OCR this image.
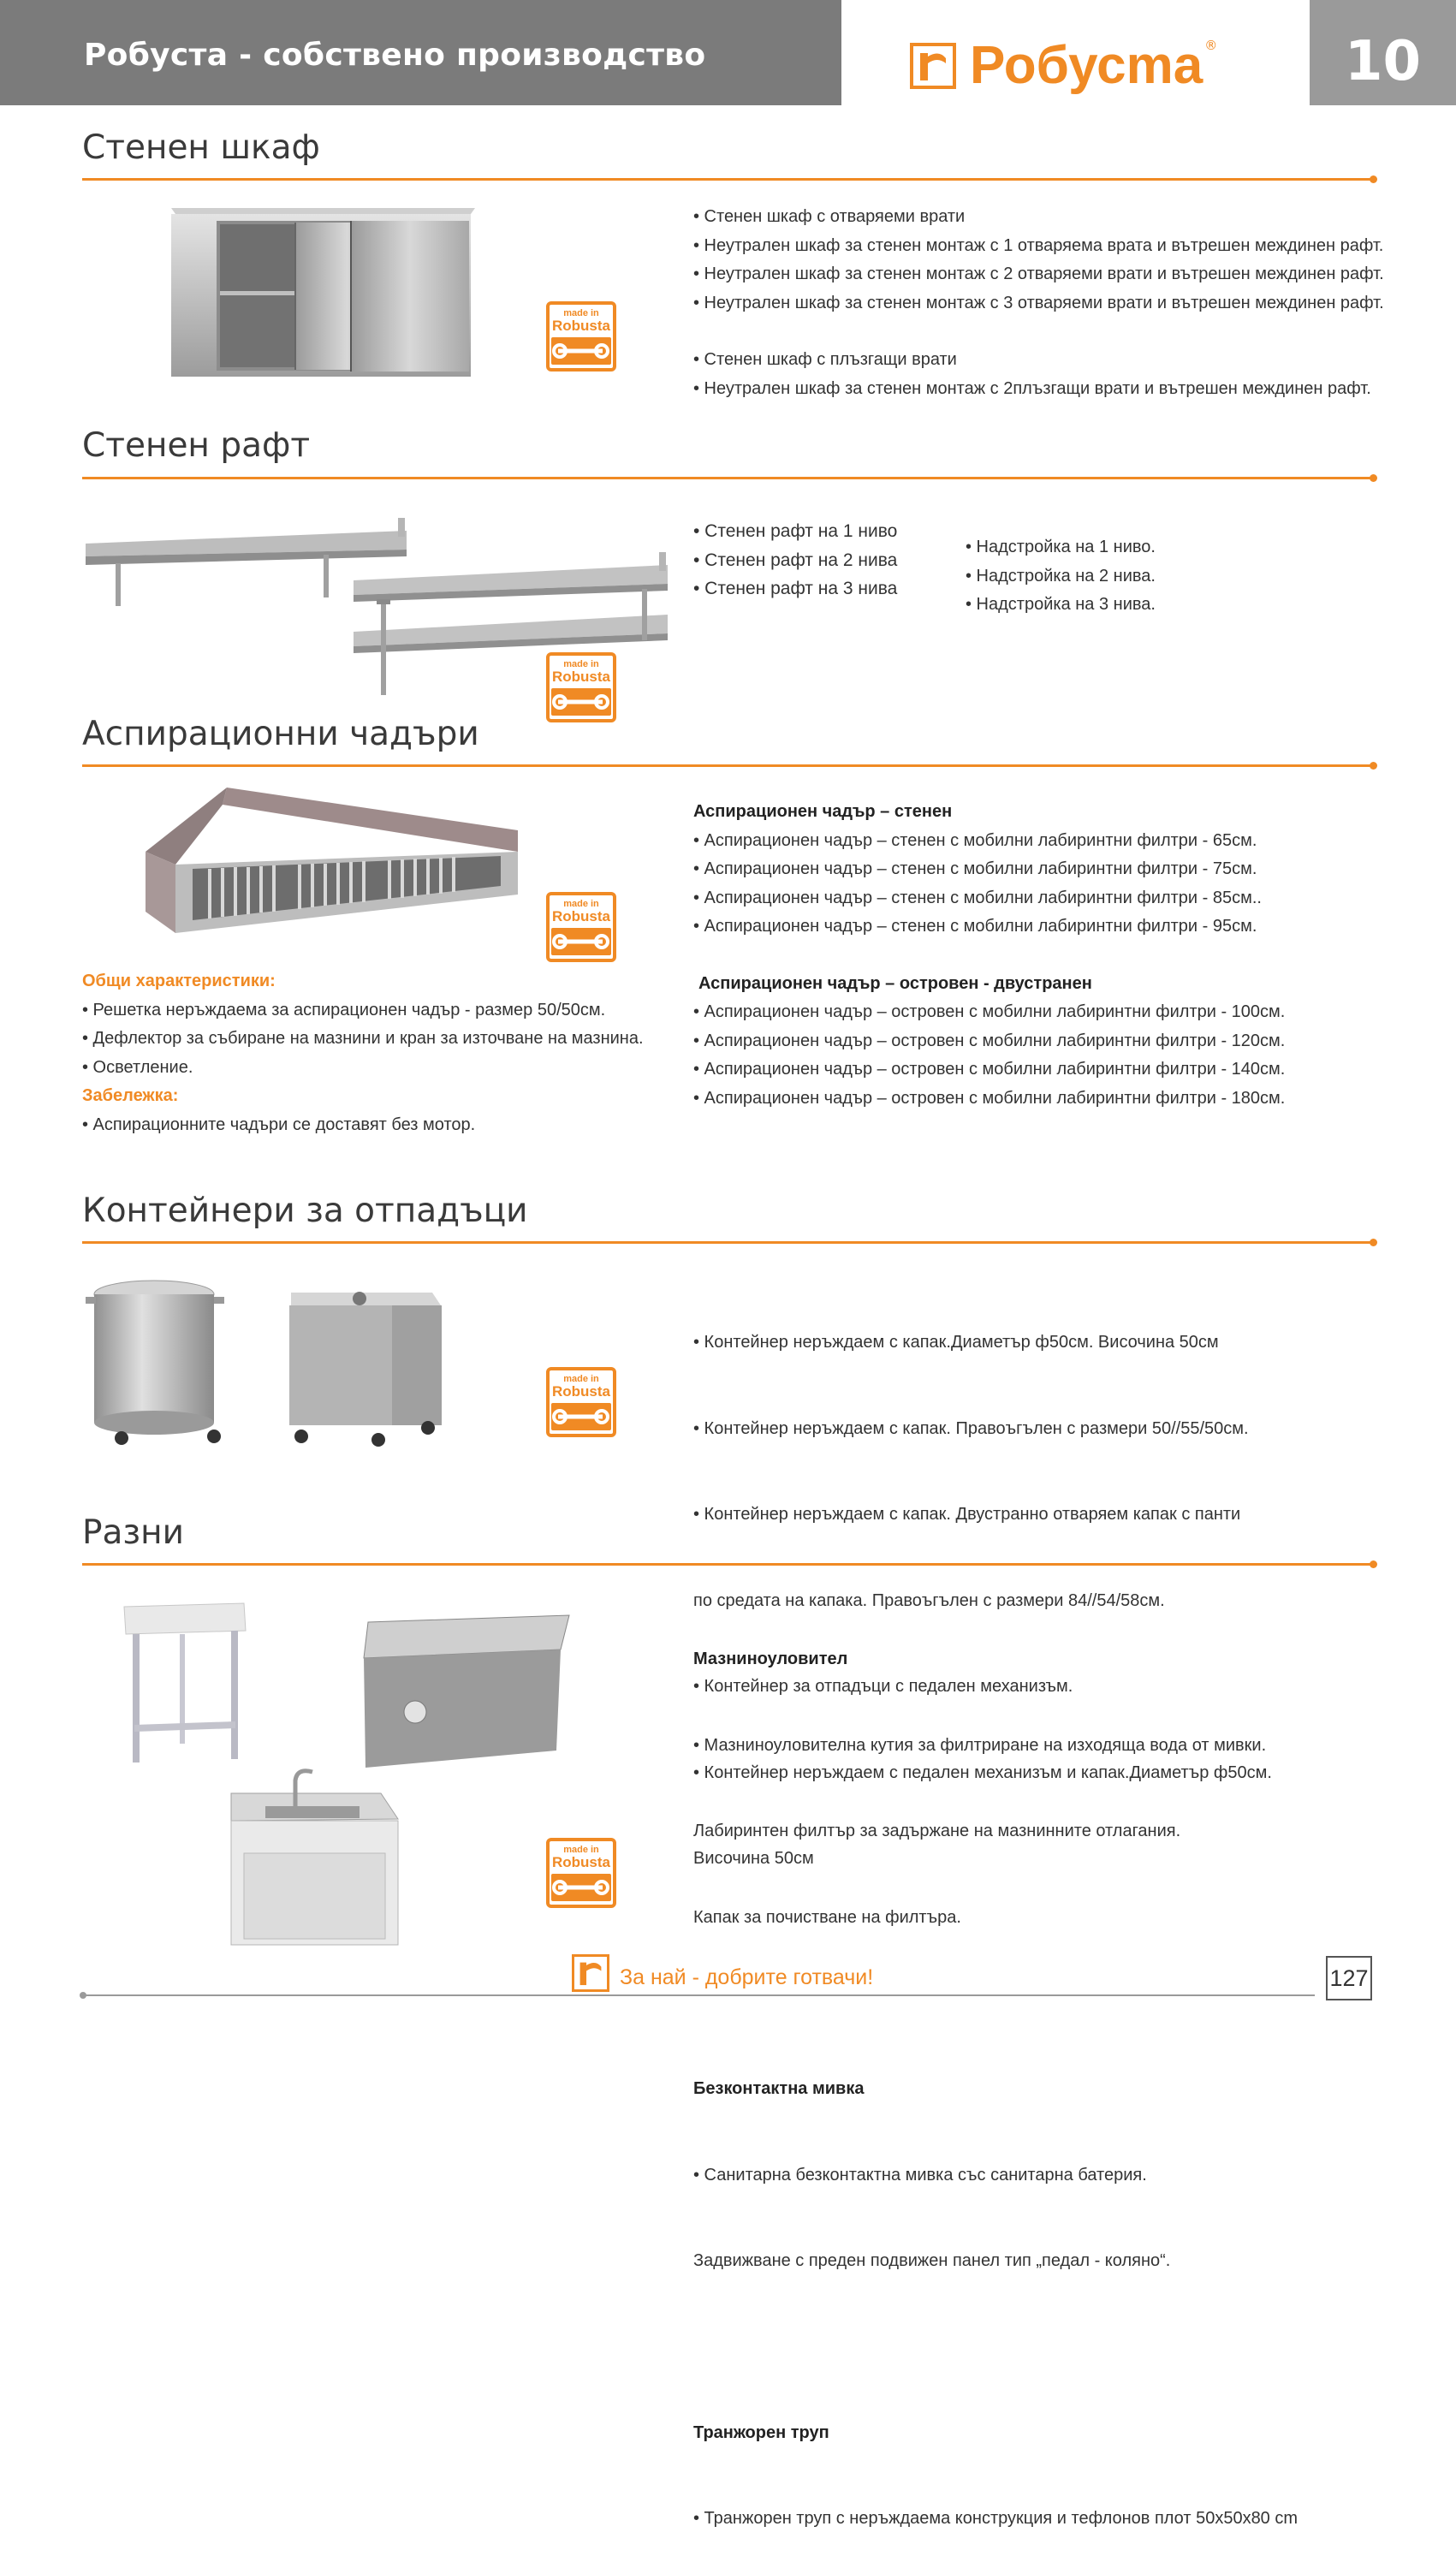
Робуста - собствено производство	Робусma ®	10
Стенен шкаф
made in
Robusta
• Стенен шкаф с отваряеми врати
• Неутрален шкаф за стенен монтаж с 1 отваряема врата и вътрешен междинен рафт.
• Неутрален шкаф за стенен монтаж с 2 отваряеми врати и вътрешен междинен рафт.
• Неутрален шкаф за стенен монтаж с 3 отваряеми врати и вътрешен междинен рафт.
• Стенен шкаф с плъзгащи врати
• Неутрален шкаф за стенен монтаж с 2плъзгащи врати и вътрешен междинен рафт.
Стенен рафт
made in
Robusta
• Стенен рафт на 1 ниво
• Стенен рафт на 2 нива
• Стенен рафт на 3 нива
• Надстройка на 1 ниво.
• Надстройка на 2 нива.
• Надстройка на 3 нива.
Аспирационни чадъри
made in
Robusta
Аспирационен чадър – стенен
• Аспирационен чадър – стенен с мобилни лабиринтни филтри - 65см.
• Аспирационен чадър – стенен с мобилни лабиринтни филтри - 75см.
• Аспирационен чадър – стенен с мобилни лабиринтни филтри - 85см..
• Аспирационен чадър – стенен с мобилни лабиринтни филтри - 95см.
Аспирационен чадър – островен - двустранен
• Аспирационен чадър – островен с мобилни лабиринтни филтри - 100см.
• Аспирационен чадър – островен с мобилни лабиринтни филтри - 120см.
• Аспирационен чадър – островен с мобилни лабиринтни филтри - 140см.
• Аспирационен чадър – островен с мобилни лабиринтни филтри - 180см.
Общи характеристики:
• Решетка неръждаема за аспирационен чадър - размер 50/50см.
• Дефлектор за събиране на мазнини и кран за източване на мазнина.
• Осветление.
Забележка:
• Аспирационните чадъри се доставят без мотор.
Контейнери за отпадъци
made in
Robusta

• Контейнер неръждаем с капак.Диаметър ф50см. Височина 50см

• Контейнер неръждаем с капак. Правоъгълен с размери 50//55/50см.

• Контейнер неръждаем с капак. Двустранно отваряем капак с панти

по средата на капака. Правоъгълен с размери 84//54/58см.

• Контейнер за отпадъци с педален механизъм.

• Контейнер неръждаем с педален механизъм и капак.Диаметър ф50см.

Височина 50см

Разни
made in
Robusta

Мазниноуловител

• Мазниноуловителна кутия за филтриране на изходяща вода от мивки.

Лабиринтен филтър за задържане на мазнинните отлагания.

Капак за почистване на филтъра.

Безконтактна мивка

• Санитарна безконтактна мивка със санитарна батерия.

Задвижване с преден подвижен панел тип „педал - коляно“.

Транжорен труп

• Транжорен труп с неръждаема конструкция и тефлонов плот 50x50x80 cm

За най - добрите готвачи!	127
